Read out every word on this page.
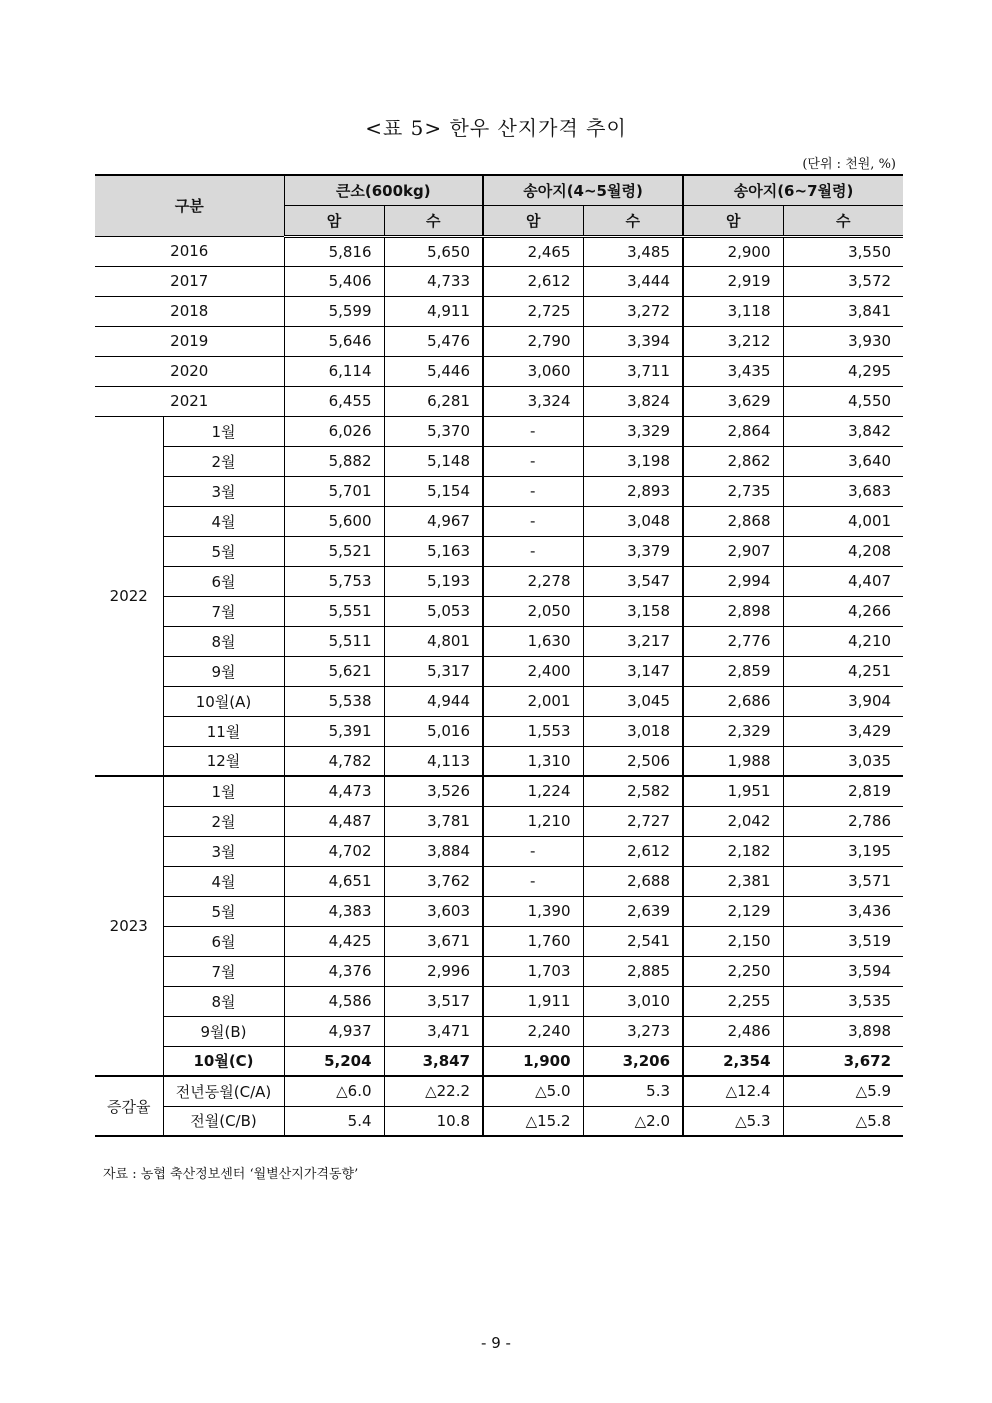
<표 5> 한우 산지가격 추이
(단위 : 천원, %)
구분		큰소(600kg)		송아지(4~5월령)		송아지(6~7월령)	
		암	수	암	수	암	수
2016		5,816	5,650	2,465	3,485	2,900	3,550
2017		5,406	4,733	2,612	3,444	2,919	3,572
2018		5,599	4,911	2,725	3,272	3,118	3,841
2019		5,646	5,476	2,790	3,394	3,212	3,930
2020		6,114	5,446	3,060	3,711	3,435	4,295
2021		6,455	6,281	3,324	3,824	3,629	4,550
2022	1월	6,026	5,370	-	3,329	2,864	3,842
	2월	5,882	5,148	-	3,198	2,862	3,640
	3월	5,701	5,154	-	2,893	2,735	3,683
	4월	5,600	4,967	-	3,048	2,868	4,001
	5월	5,521	5,163	-	3,379	2,907	4,208
	6월	5,753	5,193	2,278	3,547	2,994	4,407
	7월	5,551	5,053	2,050	3,158	2,898	4,266
	8월	5,511	4,801	1,630	3,217	2,776	4,210
	9월	5,621	5,317	2,400	3,147	2,859	4,251
	10월(A)	5,538	4,944	2,001	3,045	2,686	3,904
	11월	5,391	5,016	1,553	3,018	2,329	3,429
	12월	4,782	4,113	1,310	2,506	1,988	3,035
2023	1월	4,473	3,526	1,224	2,582	1,951	2,819
	2월	4,487	3,781	1,210	2,727	2,042	2,786
	3월	4,702	3,884	-	2,612	2,182	3,195
	4월	4,651	3,762	-	2,688	2,381	3,571
	5월	4,383	3,603	1,390	2,639	2,129	3,436
	6월	4,425	3,671	1,760	2,541	2,150	3,519
	7월	4,376	2,996	1,703	2,885	2,250	3,594
	8월	4,586	3,517	1,911	3,010	2,255	3,535
	9월(B)	4,937	3,471	2,240	3,273	2,486	3,898
	10월(C)	5,204	3,847	1,900	3,206	2,354	3,672
증감율	전년동월(C/A)	△6.0	△22.2	△5.0	5.3	△12.4	△5.9
	전월(C/B)	5.4	10.8	△15.2	△2.0	△5.3	△5.8
자료 : 농협 축산정보센터 ‘월별산지가격동향’
- 9 -
